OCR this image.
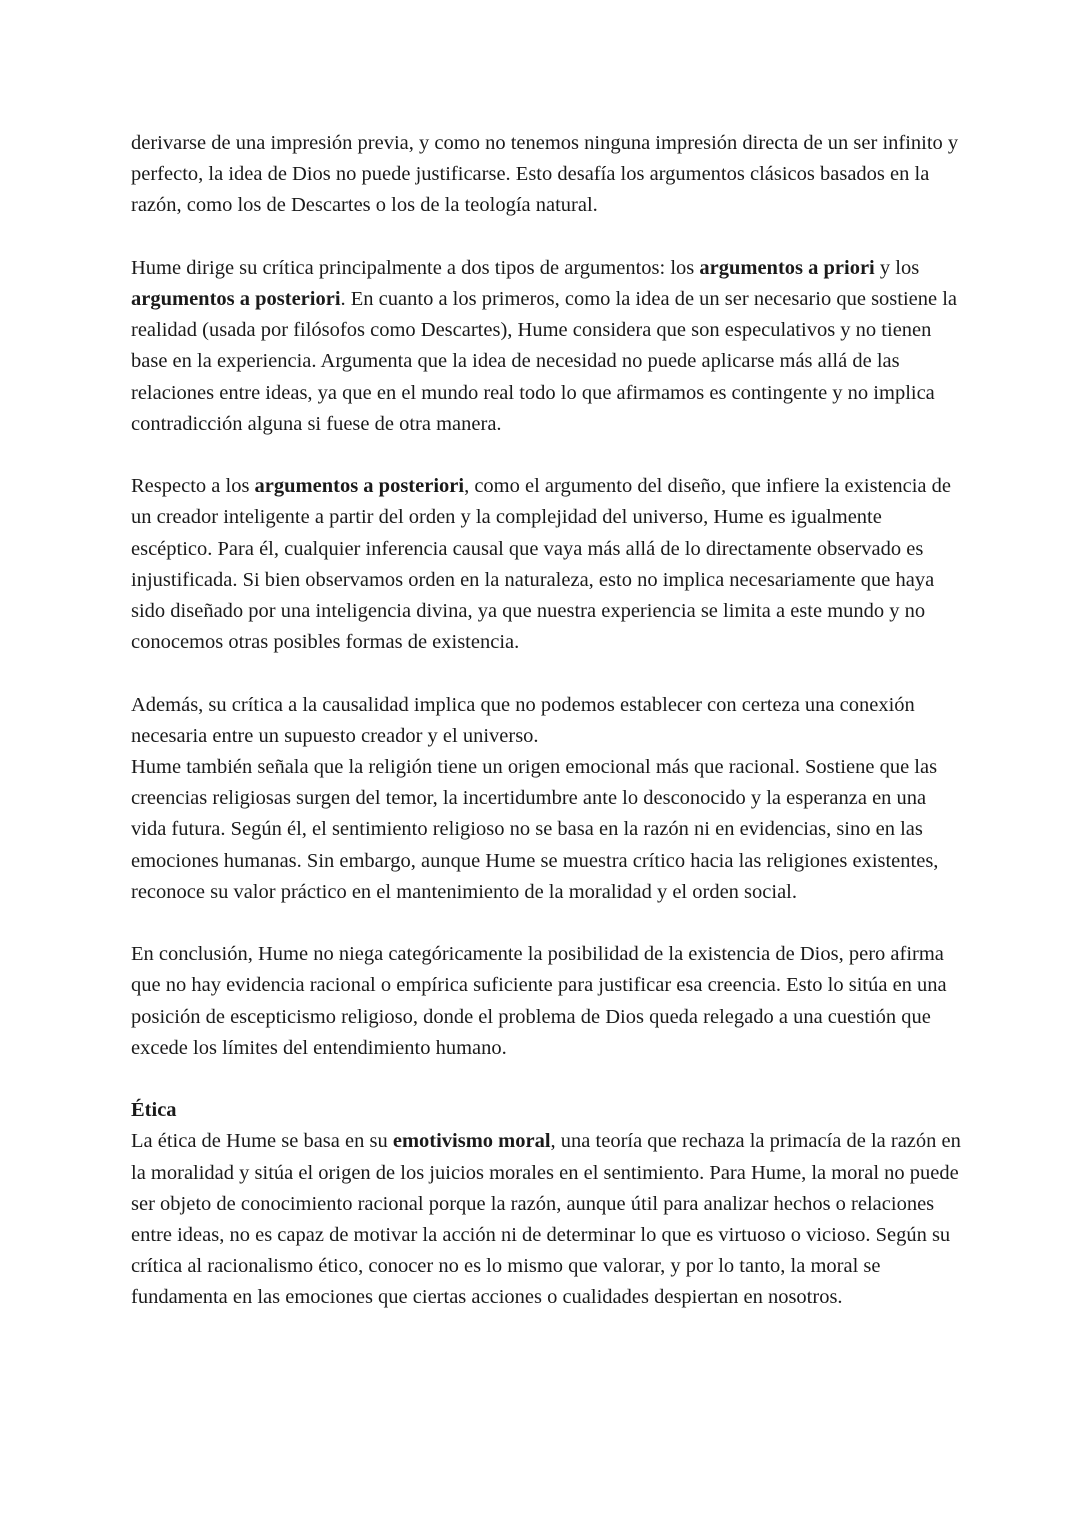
derivarse de una impresión previa, y como no tenemos ninguna impresión directa de un ser infinito y perfecto, la idea de Dios no puede justificarse. Esto desafía los argumentos clásicos basados en la razón, como los de Descartes o los de la teología natural.

Hume dirige su crítica principalmente a dos tipos de argumentos: los argumentos a priori y los argumentos a posteriori. En cuanto a los primeros, como la idea de un ser necesario que sostiene la realidad (usada por filósofos como Descartes), Hume considera que son especulativos y no tienen base en la experiencia. Argumenta que la idea de necesidad no puede aplicarse más allá de las relaciones entre ideas, ya que en el mundo real todo lo que afirmamos es contingente y no implica contradicción alguna si fuese de otra manera.

Respecto a los argumentos a posteriori, como el argumento del diseño, que infiere la existencia de un creador inteligente a partir del orden y la complejidad del universo, Hume es igualmente escéptico. Para él, cualquier inferencia causal que vaya más allá de lo directamente observado es injustificada. Si bien observamos orden en la naturaleza, esto no implica necesariamente que haya sido diseñado por una inteligencia divina, ya que nuestra experiencia se limita a este mundo y no conocemos otras posibles formas de existencia.

Además, su crítica a la causalidad implica que no podemos establecer con certeza una conexión necesaria entre un supuesto creador y el universo.

Hume también señala que la religión tiene un origen emocional más que racional. Sostiene que las creencias religiosas surgen del temor, la incertidumbre ante lo desconocido y la esperanza en una vida futura. Según él, el sentimiento religioso no se basa en la razón ni en evidencias, sino en las emociones humanas. Sin embargo, aunque Hume se muestra crítico hacia las religiones existentes, reconoce su valor práctico en el mantenimiento de la moralidad y el orden social.

En conclusión, Hume no niega categóricamente la posibilidad de la existencia de Dios, pero afirma que no hay evidencia racional o empírica suficiente para justificar esa creencia. Esto lo sitúa en una posición de escepticismo religioso, donde el problema de Dios queda relegado a una cuestión que excede los límites del entendimiento humano.

Ética

La ética de Hume se basa en su emotivismo moral, una teoría que rechaza la primacía de la razón en la moralidad y sitúa el origen de los juicios morales en el sentimiento. Para Hume, la moral no puede ser objeto de conocimiento racional porque la razón, aunque útil para analizar hechos o relaciones entre ideas, no es capaz de motivar la acción ni de determinar lo que es virtuoso o vicioso. Según su crítica al racionalismo ético, conocer no es lo mismo que valorar, y por lo tanto, la moral se fundamenta en las emociones que ciertas acciones o cualidades despiertan en nosotros.
